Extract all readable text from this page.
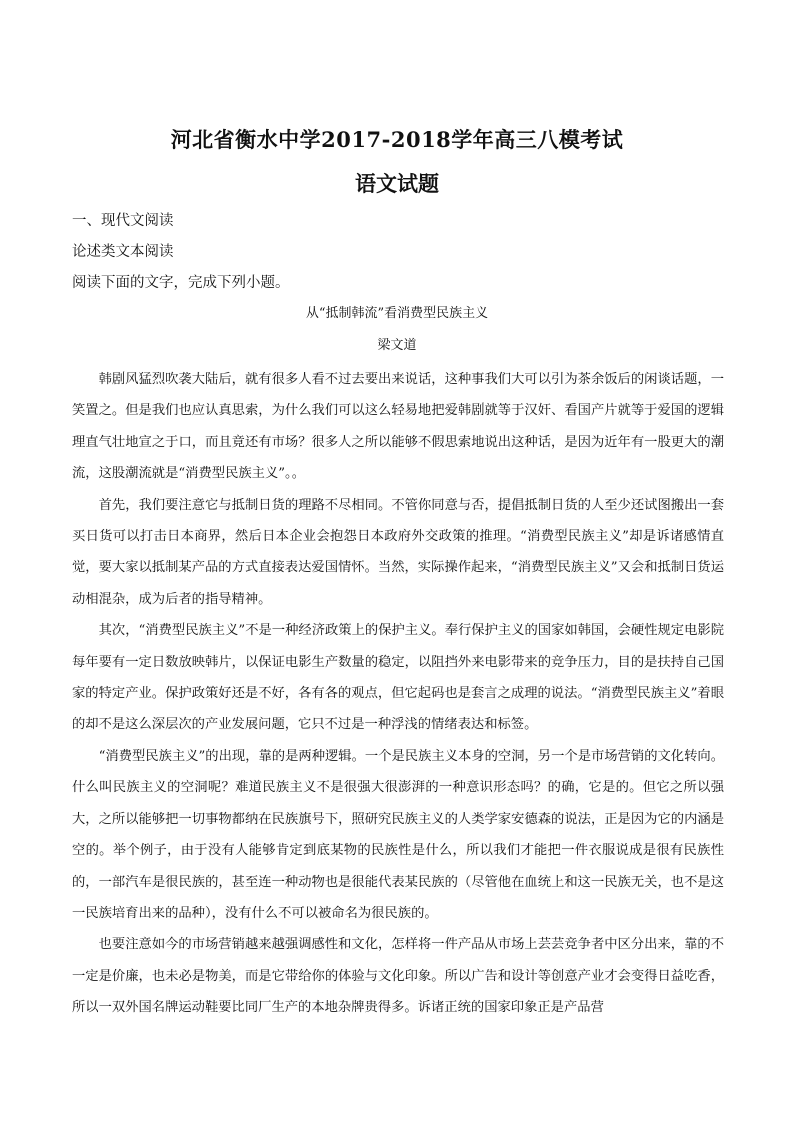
河北省衡水中学2017-2018学年高三八模考试
语文试题
一、现代文阅读
论述类文本阅读
阅读下面的文字，完成下列小题。
从“抵制韩流”看消费型民族主义
梁文道

韩剧风猛烈吹袭大陆后，就有很多人看不过去要出来说话，这种事我们大可以引为茶余饭后的闲谈话题，一笑置之。但是我们也应认真思索，为什么我们可以这么轻易地把爱韩剧就等于汉奸、看国产片就等于爱国的逻辑理直气壮地宣之于口，而且竟还有市场？很多人之所以能够不假思索地说出这种话，是因为近年有一股更大的潮流，这股潮流就是“消费型民族主义”。。

首先，我们要注意它与抵制日货的理路不尽相同。不管你同意与否，提倡抵制日货的人至少还试图搬出一套买日货可以打击日本商界，然后日本企业会抱怨日本政府外交政策的推理。“消费型民族主义”却是诉诸感情直觉，要大家以抵制某产品的方式直接表达爱国情怀。当然，实际操作起来，“消费型民族主义”又会和抵制日货运动相混杂，成为后者的指导精神。

其次，“消费型民族主义”不是一种经济政策上的保护主义。奉行保护主义的国家如韩国，会硬性规定电影院每年要有一定日数放映韩片，以保证电影生产数量的稳定，以阻挡外来电影带来的竞争压力，目的是扶持自己国家的特定产业。保护政策好还是不好，各有各的观点，但它起码也是套言之成理的说法。“消费型民族主义”着眼的却不是这么深层次的产业发展问题，它只不过是一种浮浅的情绪表达和标签。

“消费型民族主义”的出现，靠的是两种逻辑。一个是民族主义本身的空洞，另一个是市场营销的文化转向。什么叫民族主义的空洞呢？难道民族主义不是很强大很澎湃的一种意识形态吗？的确，它是的。但它之所以强大，之所以能够把一切事物都纳在民族旗号下，照研究民族主义的人类学家安德森的说法，正是因为它的内涵是空的。举个例子，由于没有人能够肯定到底某物的民族性是什么，所以我们才能把一件衣服说成是很有民族性的，一部汽车是很民族的，甚至连一种动物也是很能代表某民族的（尽管他在血统上和这一民族无关，也不是这一民族培育出来的品种），没有什么不可以被命名为很民族的。

也要注意如今的市场营销越来越强调感性和文化，怎样将一件产品从市场上芸芸竞争者中区分出来，靠的不一定是价廉，也未必是物美，而是它带给你的体验与文化印象。所以广告和设计等创意产业才会变得日益吃香，所以一双外国名牌运动鞋要比同厂生产的本地杂牌贵得多。诉诸正统的国家印象正是产品营
